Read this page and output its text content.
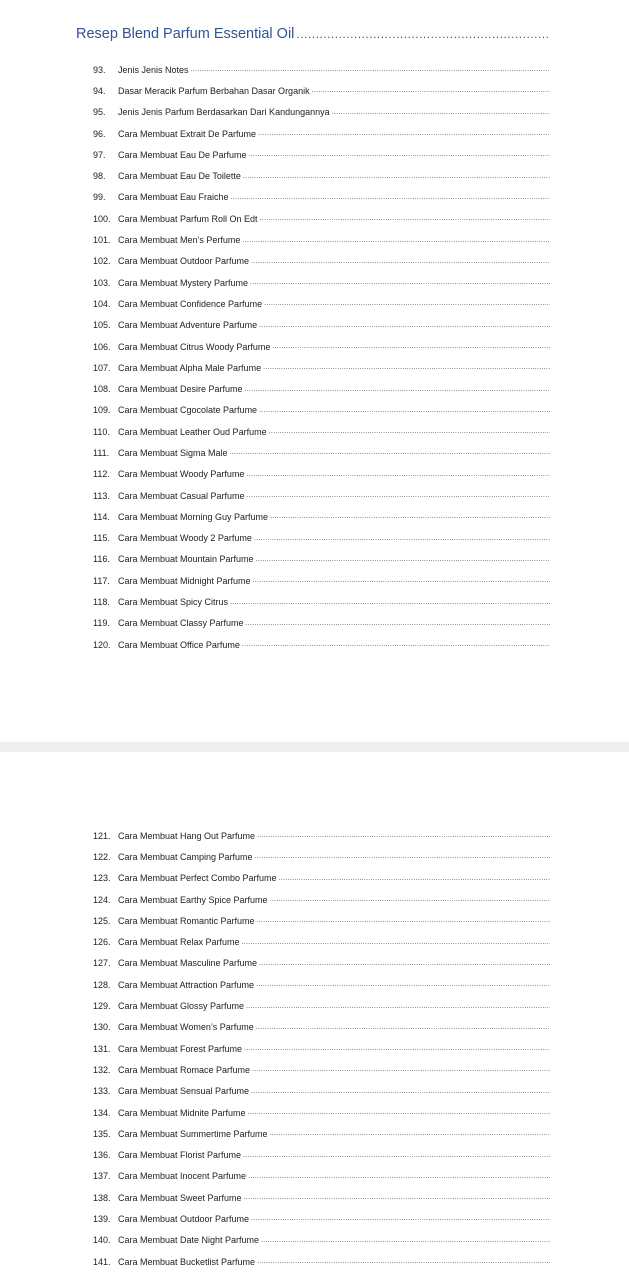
Resep Blend Parfum Essential Oil
.....
93.	Jenis Jenis Notes
.....
94.	Dasar Meracik Parfum Berbahan Dasar Organik
.....
95.	Jenis Jenis Parfum Berdasarkan Dari Kandungannya
.....
96.	Cara Membuat Extrait De Parfume
.....
97.	Cara Membuat Eau De Parfume
.....
98.	Cara Membuat Eau De Toilette
.....
99.	Cara Membuat Eau Fraiche
.....
100. Cara Membuat Parfum Roll On Edt
.....
101. Cara Membuat Men’s Perfume
.....
102. Cara Membuat Outdoor Parfume
.....
103. Cara Membuat Mystery Parfume
.....
104. Cara Membuat Confidence Parfume
.....
105. Cara Membuat Adventure Parfume
.....
106. Cara Membuat Citrus Woody Parfume
.....
107. Cara Membuat Alpha Male Parfume
.....
108. Cara Membuat Desire Parfume
.....
109. Cara Membuat Cgocolate Parfume
.....
110. Cara Membuat Leather Oud Parfume
.....
111. Cara Membuat Sigma Male
.....
112. Cara Membuat Woody Parfume
.....
113. Cara Membuat Casual Parfume
.....
114. Cara Membuat Morning Guy Parfume
.....
115. Cara Membuat Woody 2 Parfume
.....
116. Cara Membuat Mountain Parfume
.....
117. Cara Membuat Midnight Parfume
.....
118. Cara Membuat Spicy Citrus
.....
119. Cara Membuat Classy Parfume
.....
120. Cara Membuat Office Parfume
.....
121. Cara Membuat Hang Out Parfume
.....
122. Cara Membuat Camping Parfume
.....
123. Cara Membuat Perfect Combo Parfume
.....
124. Cara Membuat Earthy Spice Parfume
.....
125. Cara Membuat Romantic Parfume
.....
126. Cara Membuat Relax Parfume
.....
127. Cara Membuat Masculine Parfume
.....
128. Cara Membuat Attraction Parfume
.....
129. Cara Membuat Glossy Parfume
.....
130. Cara Membuat Women’s Parfume
.....
131. Cara Membuat Forest Parfume
.....
132. Cara Membuat Romace Parfume
.....
133. Cara Membuat Sensual Parfume
.....
134. Cara Membuat Midnite Parfume
.....
135. Cara Membuat Summertime Parfume
.....
136. Cara Membuat Florist Parfume
.....
137. Cara Membuat Inocent Parfume
.....
138. Cara Membuat Sweet Parfume
.....
139. Cara Membuat Outdoor Parfume
.....
140. Cara Membuat Date Night Parfume
.....
141. Cara Membuat Bucketlist Parfume
.....
